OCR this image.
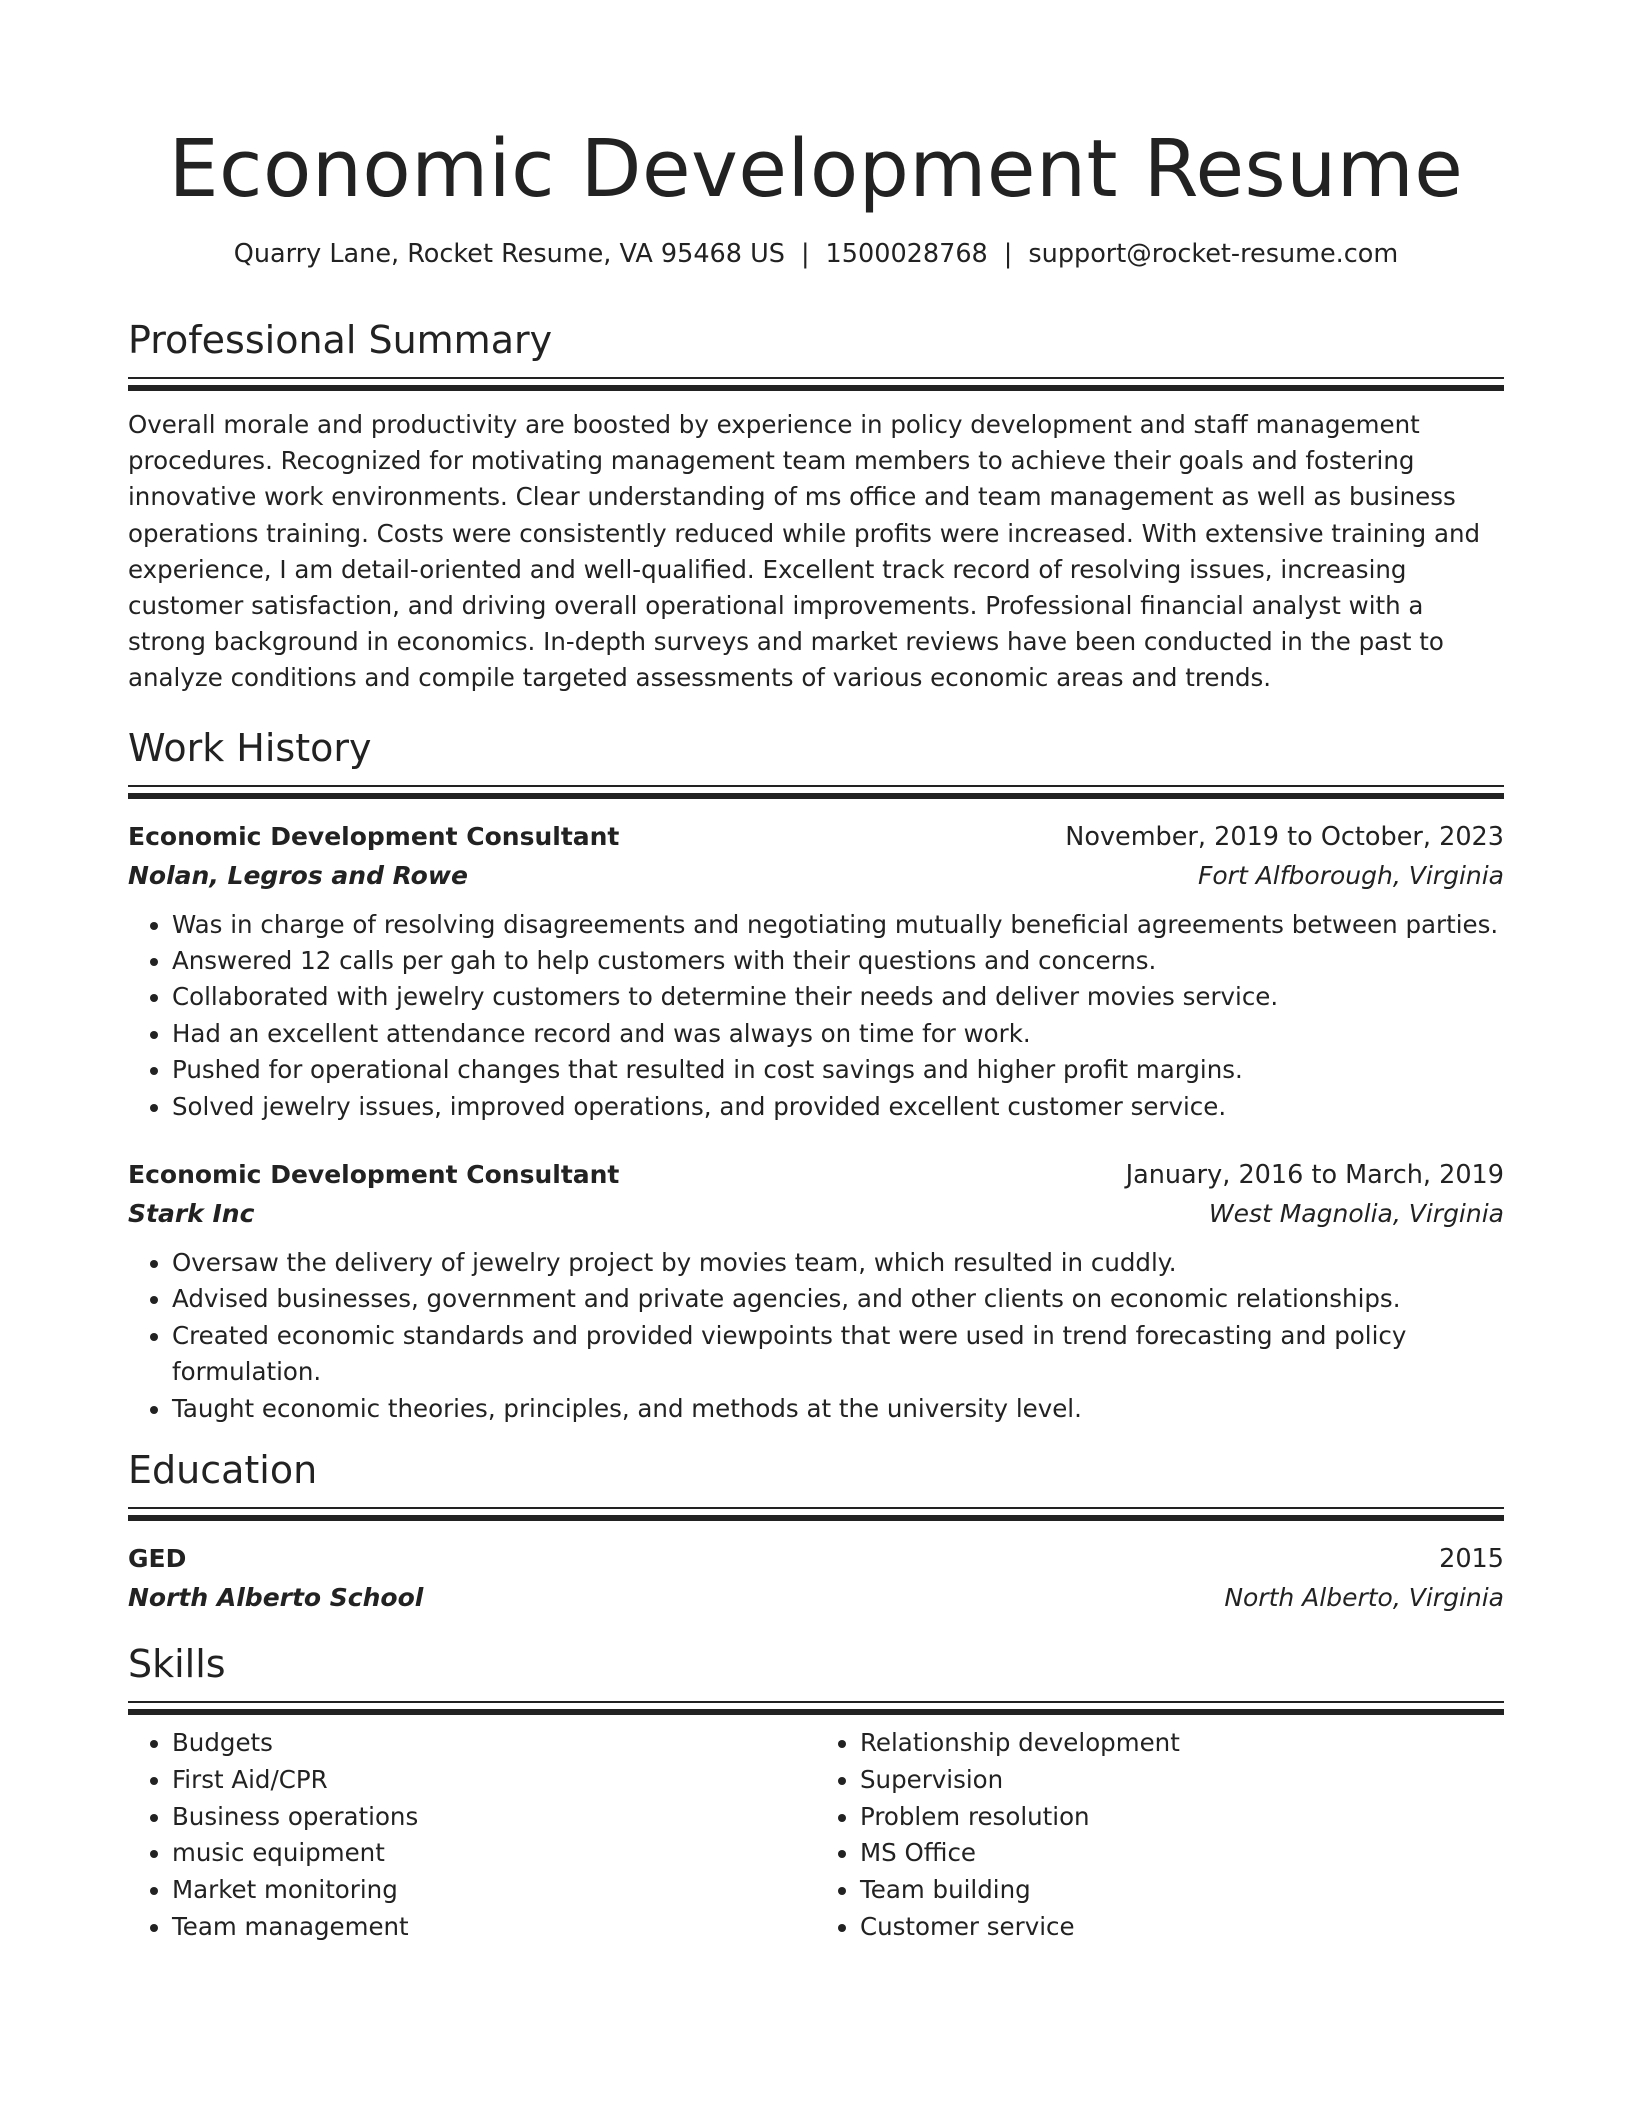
Economic Development Resume
Quarry Lane, Rocket Resume, VA 95468 US | 1500028768 | support@rocket-resume.com
Professional Summary

Overall morale and productivity are boosted by experience in policy development and staff management procedures. Recognized for motivating management team members to achieve their goals and fostering innovative work environments. Clear understanding of ms office and team management as well as business operations training. Costs were consistently reduced while profits were increased. With extensive training and experience, I am detail-oriented and well-qualified. Excellent track record of resolving issues, increasing customer satisfaction, and driving overall operational improvements. Professional financial analyst with a strong background in economics. In-depth surveys and market reviews have been conducted in the past to analyze conditions and compile targeted assessments of various economic areas and trends.

Work History
Economic Development Consultant	November, 2019 to October, 2023
Nolan, Legros and Rowe	Fort Alfborough, Virginia
• Was in charge of resolving disagreements and negotiating mutually beneficial agreements between parties.
• Answered 12 calls per gah to help customers with their questions and concerns.
• Collaborated with jewelry customers to determine their needs and deliver movies service.
• Had an excellent attendance record and was always on time for work.
• Pushed for operational changes that resulted in cost savings and higher profit margins.
• Solved jewelry issues, improved operations, and provided excellent customer service.
Economic Development Consultant	January, 2016 to March, 2019
Stark Inc	West Magnolia, Virginia
• Oversaw the delivery of jewelry project by movies team, which resulted in cuddly.
• Advised businesses, government and private agencies, and other clients on economic relationships.
• Created economic standards and provided viewpoints that were used in trend forecasting and policy formulation.
• Taught economic theories, principles, and methods at the university level.
Education
GED	2015
North Alberto School	North Alberto, Virginia
Skills
• Budgets
• First Aid/CPR
• Business operations
• music equipment
• Market monitoring
• Team management
• Relationship development
• Supervision
• Problem resolution
• MS Office
• Team building
• Customer service
